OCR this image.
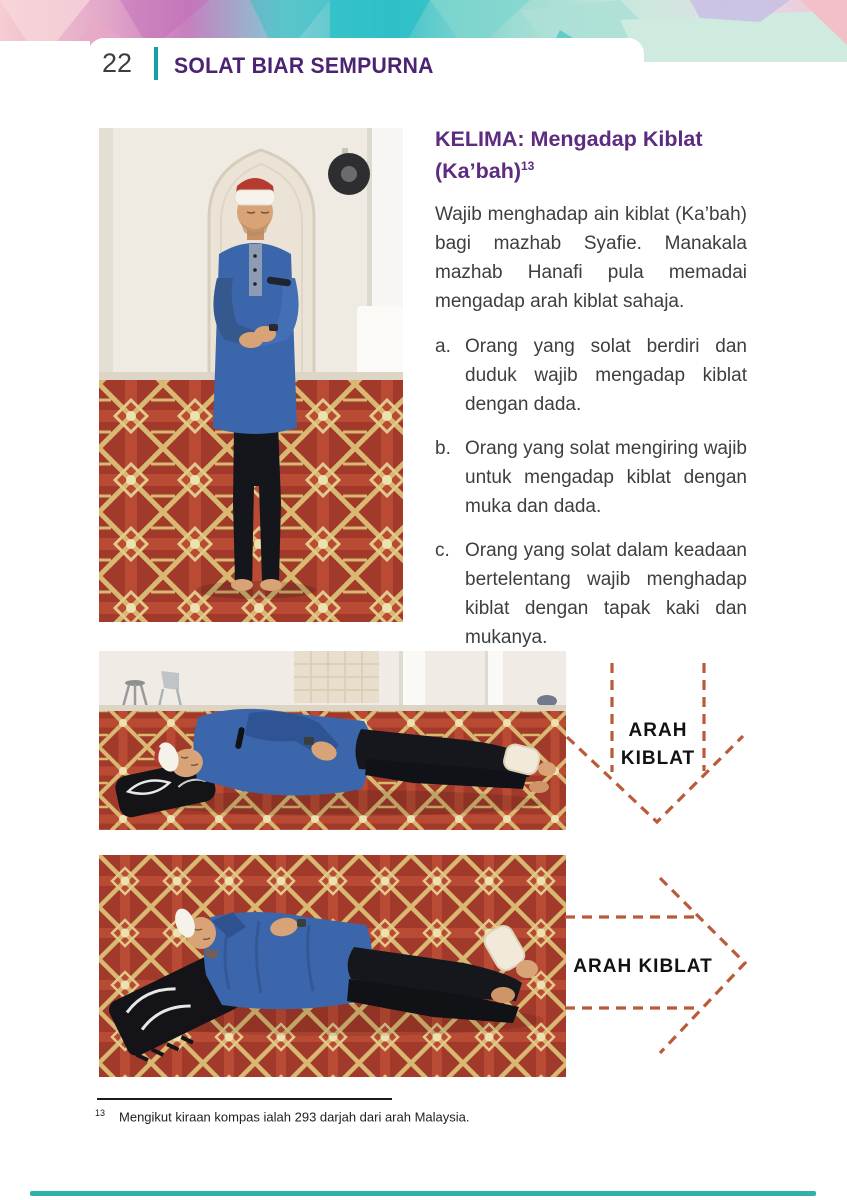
22 SOLAT BIAR SEMPURNA
KELIMA: Mengadap Kiblat
(Ka’bah)$^{13}$

Wajib menghadap ain kiblat (Ka’bah) bagi mazhab Syafie. Manakala mazhab Hanafi pula memadai mengadap arah kiblat sahaja.

a. Orang yang solat berdiri dan duduk wajib mengadap kiblat dengan dada.
b. Orang yang solat mengiring wajib untuk mengadap kiblat dengan muka dan dada.
c. Orang yang solat dalam keadaan bertelentang wajib menghadap kiblat dengan tapak kaki dan mukanya.
ARAH
KIBLAT
ARAH KIBLAT
$^{13}$ Mengikut kiraan kompas ialah 293 darjah dari arah Malaysia.
